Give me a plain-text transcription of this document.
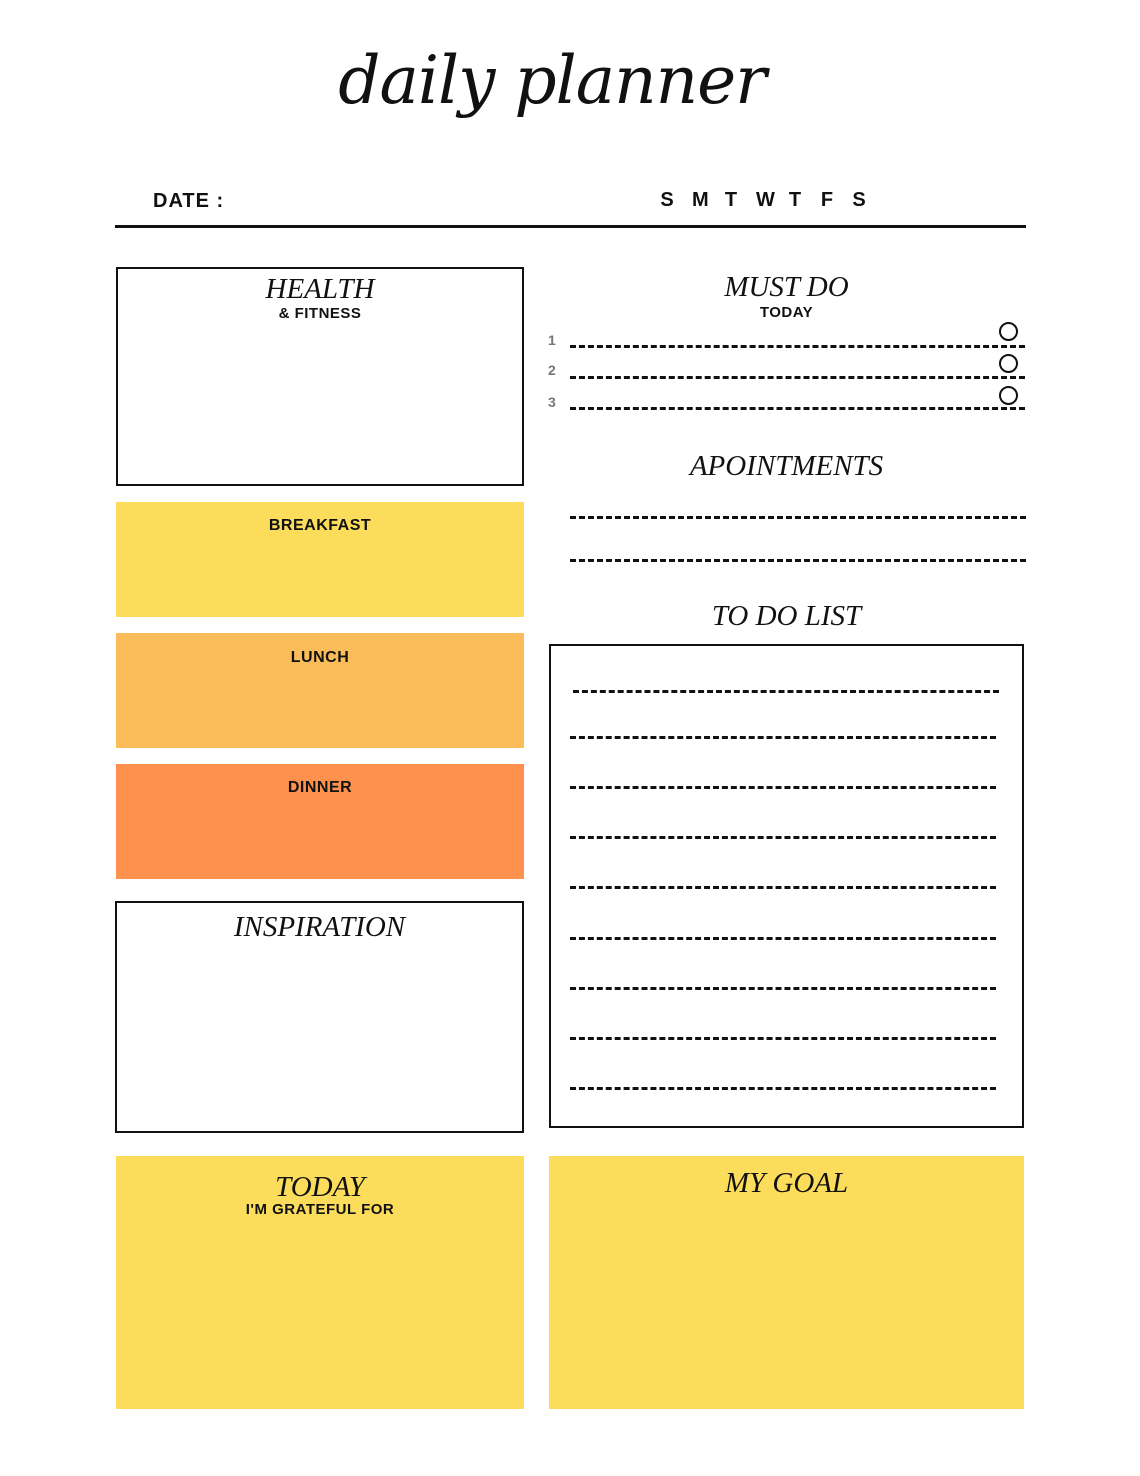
daily planner
DATE :	S M T W T F S
HEALTH
& FITNESS
BREAKFAST
LUNCH
DINNER
INSPIRATION
TODAY
I'M GRATEFUL FOR
MUST DO
TODAY
1
2
3
APOINTMENTS
TO DO LIST
MY GOAL
